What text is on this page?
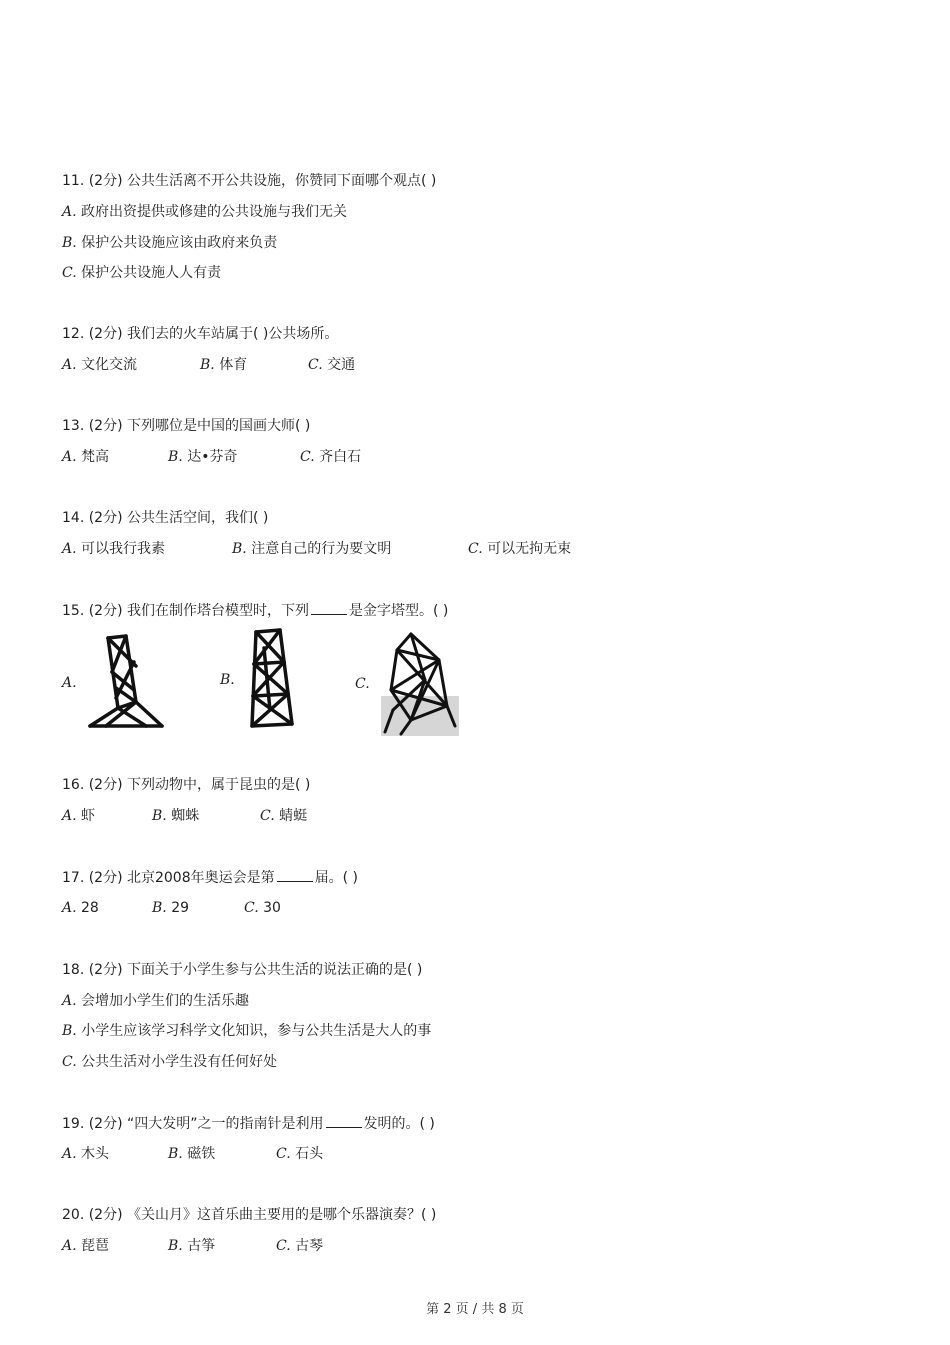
11. (2分) 公共生活离不开公共设施，你赞同下面哪个观点( )
A. 政府出资提供或修建的公共设施与我们无关
B. 保护公共设施应该由政府来负责
C. 保护公共设施人人有责
12. (2分) 我们去的火车站属于( )公共场所。
A. 文化交流	B. 体育	C. 交通
13. (2分) 下列哪位是中国的国画大师( )
A. 梵高	B. 达•芬奇	C. 齐白石
14. (2分) 公共生活空间，我们( )
A. 可以我行我素	B. 注意自己的行为要文明	C. 可以无拘无束
15. (2分) 我们在制作塔台模型时，下列	是金字塔型。( )
A.	B.	C.
16. (2分) 下列动物中，属于昆虫的是( )
A. 虾	B. 蜘蛛	C. 蜻蜓
17. (2分) 北京2008年奥运会是第	届。( )
A. 28	B. 29	C. 30
18. (2分) 下面关于小学生参与公共生活的说法正确的是( )
A. 会增加小学生们的生活乐趣
B. 小学生应该学习科学文化知识，参与公共生活是大人的事
C. 公共生活对小学生没有任何好处
19. (2分) “四大发明”之一的指南针是利用	发明的。( )
A. 木头	B. 磁铁	C. 石头
20. (2分) 《关山月》这首乐曲主要用的是哪个乐器演奏？( )
A. 琵琶	B. 古筝	C. 古琴
第 2 页 / 共 8 页
